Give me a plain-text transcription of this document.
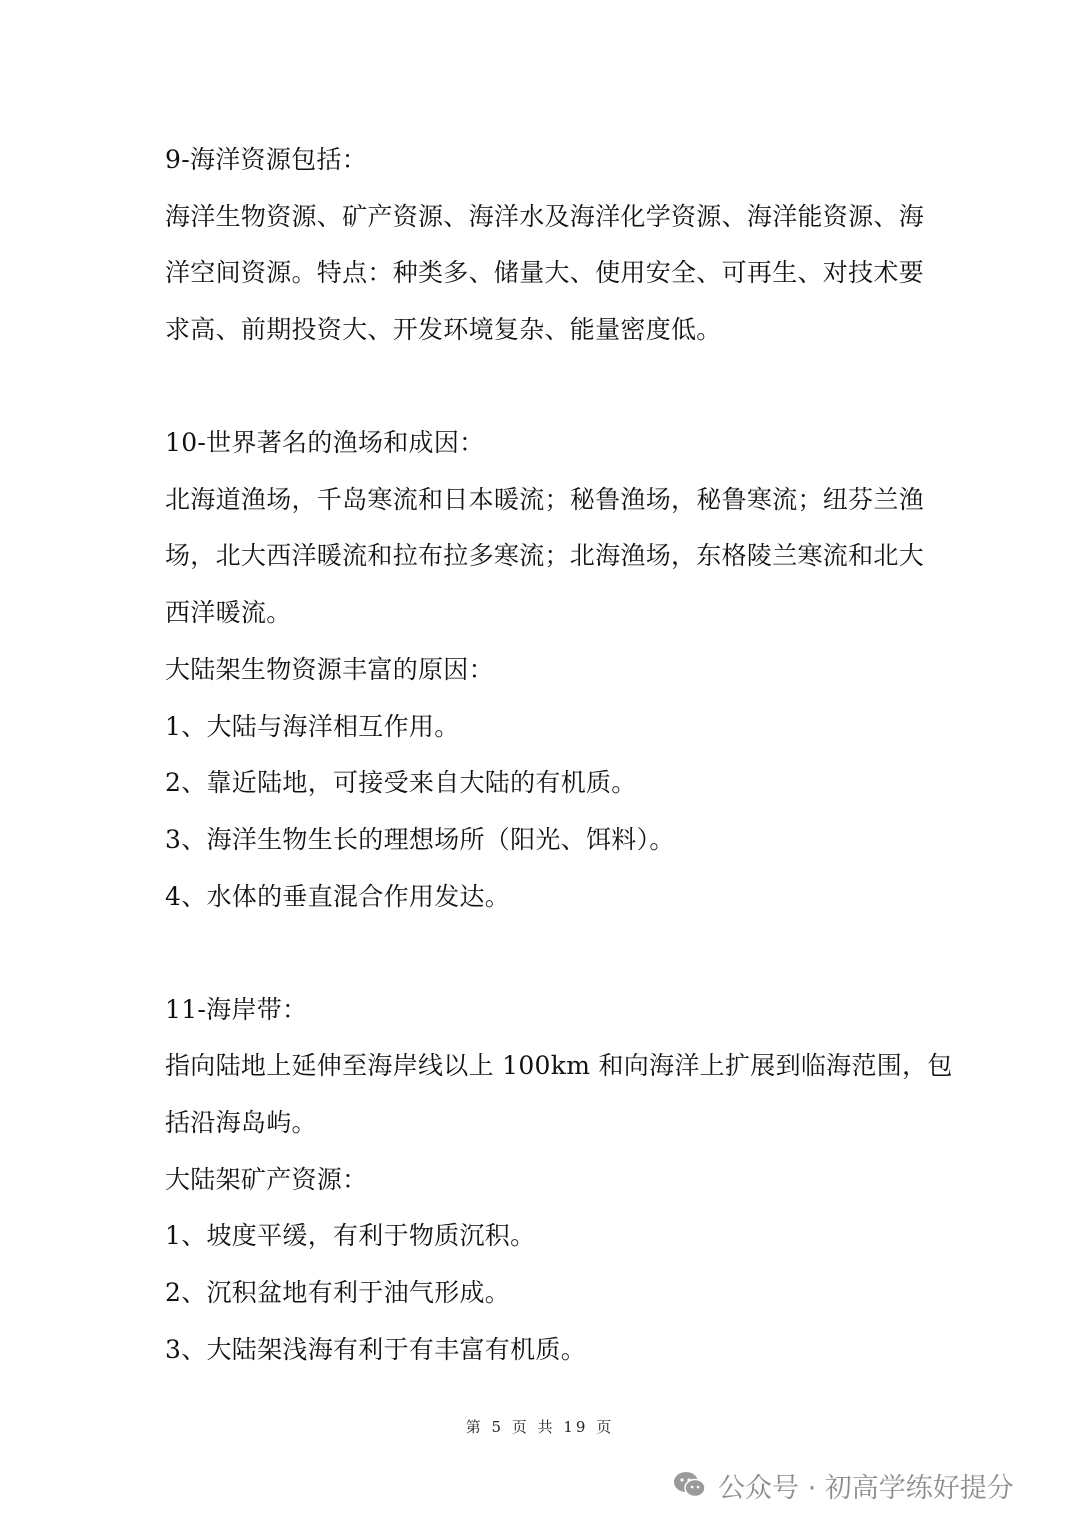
9-海洋资源包括：
海洋生物资源、矿产资源、海洋水及海洋化学资源、海洋能资源、海
洋空间资源。特点：种类多、储量大、使用安全、可再生、对技术要
求高、前期投资大、开发环境复杂、能量密度低。
10-世界著名的渔场和成因：
北海道渔场，千岛寒流和日本暖流；秘鲁渔场，秘鲁寒流；纽芬兰渔
场，北大西洋暖流和拉布拉多寒流；北海渔场，东格陵兰寒流和北大
西洋暖流。
大陆架生物资源丰富的原因：
1、大陆与海洋相互作用。
2、靠近陆地，可接受来自大陆的有机质。
3、海洋生物生长的理想场所（阳光、饵料）。
4、水体的垂直混合作用发达。
11-海岸带：
指向陆地上延伸至海岸线以上 100km 和向海洋上扩展到临海范围，包
括沿海岛屿。
大陆架矿产资源：
1、坡度平缓，有利于物质沉积。
2、沉积盆地有利于油气形成。
3、大陆架浅海有利于有丰富有机质。
第 5 页 共 19 页
公众号 · 初高学练好提分
